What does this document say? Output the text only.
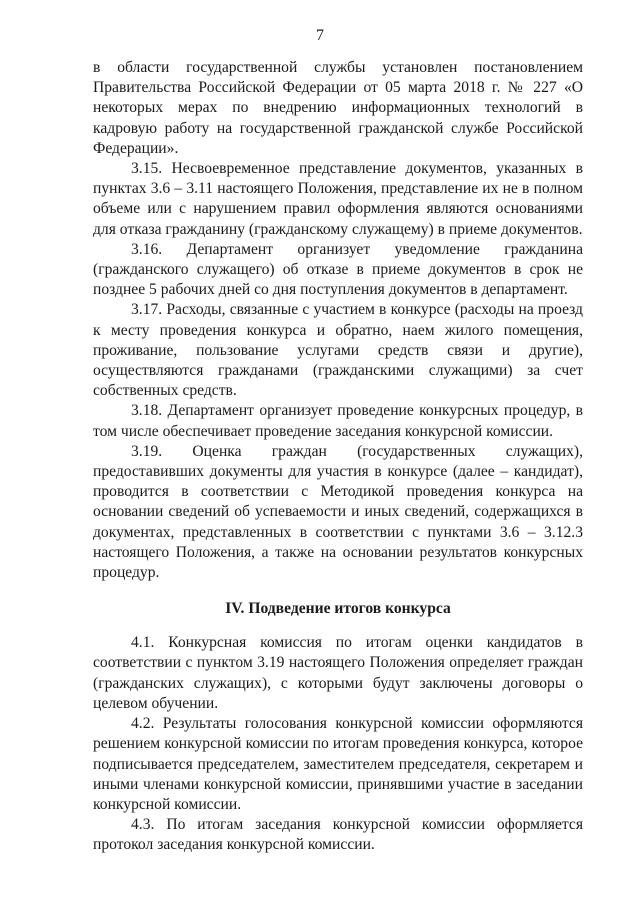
7

в области государственной службы установлен постановлением Правительства Российской Федерации от 05 марта 2018 г. № 227 «О некоторых мерах по внедрению информационных технологий в кадровую работу на государственной гражданской службе Российской Федерации».

3.15. Несвоевременное представление документов, указанных в пунктах 3.6 – 3.11 настоящего Положения, представление их не в полном объеме или с нарушением правил оформления являются основаниями для отказа гражданину (гражданскому служащему) в приеме документов.

3.16. Департамент организует уведомление гражданина (гражданского служащего) об отказе в приеме документов в срок не позднее 5 рабочих дней со дня поступления документов в департамент.

3.17. Расходы, связанные с участием в конкурсе (расходы на проезд к месту проведения конкурса и обратно, наем жилого помещения, проживание, пользование услугами средств связи и другие), осуществляются гражданами (гражданскими служащими) за счет собственных средств.

3.18. Департамент организует проведение конкурсных процедур, в том числе обеспечивает проведение заседания конкурсной комиссии.

3.19. Оценка граждан (государственных служащих), предоставивших документы для участия в конкурсе (далее – кандидат), проводится в соответствии с Методикой проведения конкурса на основании сведений об успеваемости и иных сведений, содержащихся в документах, представленных в соответствии с пунктами 3.6 – 3.12.3 настоящего Положения, а также на основании результатов конкурсных процедур.

IV. Подведение итогов конкурса

4.1. Конкурсная комиссия по итогам оценки кандидатов в соответствии с пунктом 3.19 настоящего Положения определяет граждан (гражданских служащих), с которыми будут заключены договоры о целевом обучении.

4.2. Результаты голосования конкурсной комиссии оформляются решением конкурсной комиссии по итогам проведения конкурса, которое подписывается председателем, заместителем председателя, секретарем и иными членами конкурсной комиссии, принявшими участие в заседании конкурсной комиссии.

4.3. По итогам заседания конкурсной комиссии оформляется протокол заседания конкурсной комиссии.
